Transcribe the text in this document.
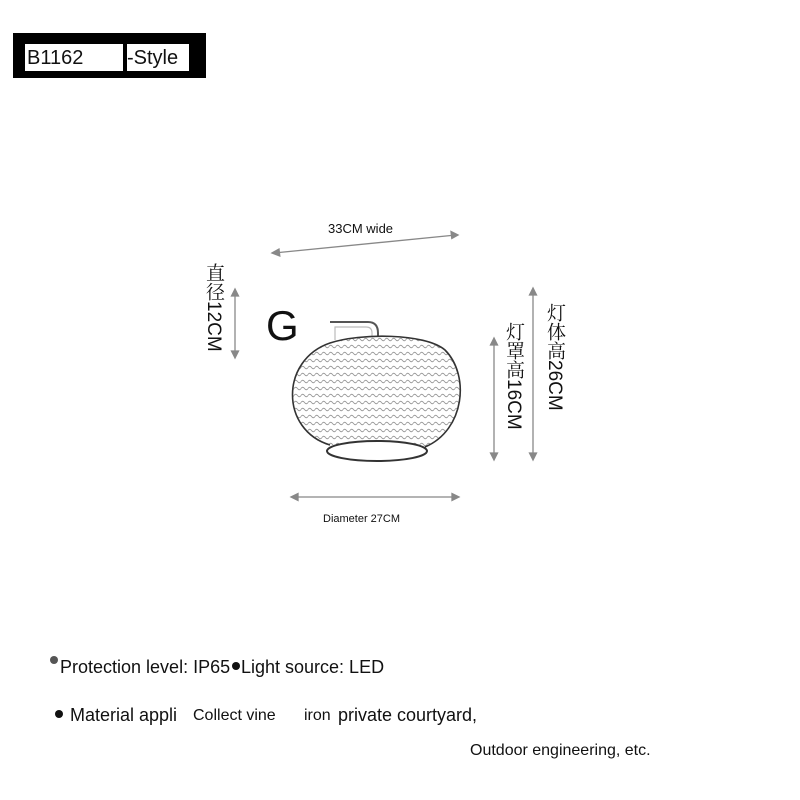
B1162	-Style
33CM wide
直径12CM	灯体高26CM
灯罩高16CM
Diameter 27CM
G
Protection level: IP65 Light source: LED
Material appli Collect vine iron private courtyard,
Outdoor engineering, etc.
